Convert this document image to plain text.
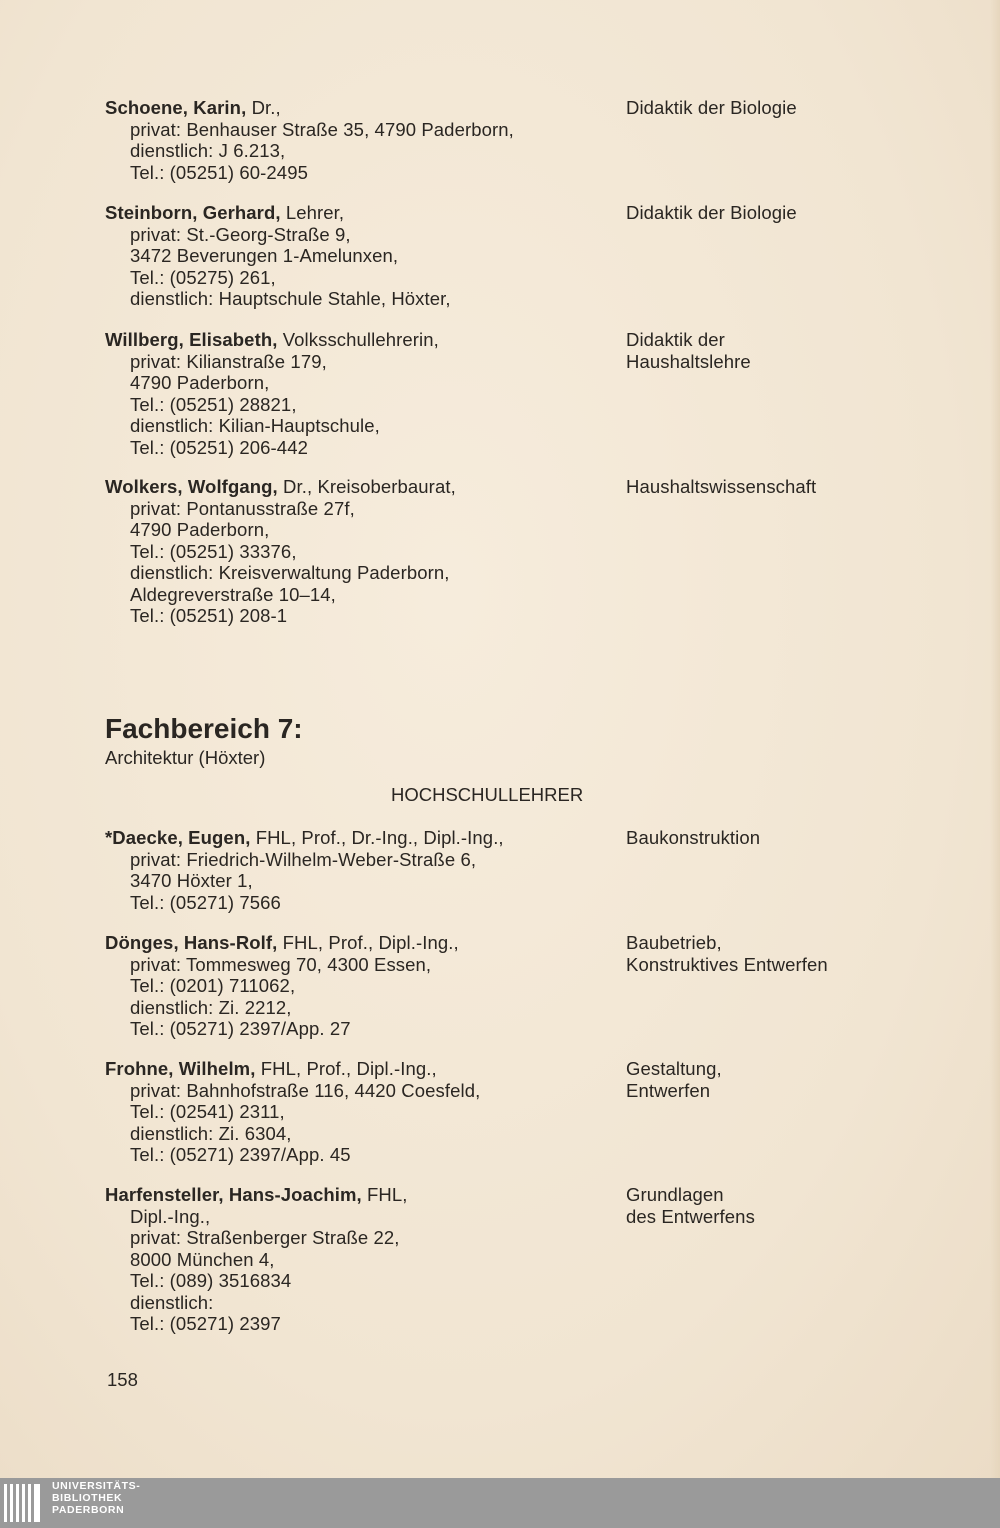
Schoene, Karin, Dr.,
privat: Benhauser Straße 35, 4790 Paderborn,
dienstlich: J 6.213,
Tel.: (05251) 60-2495
Didaktik der Biologie
Steinborn, Gerhard, Lehrer,
privat: St.-Georg-Straße 9,
3472 Beverungen 1-Amelunxen,
Tel.: (05275) 261,
dienstlich: Hauptschule Stahle, Höxter,
Didaktik der Biologie
Willberg, Elisabeth, Volksschullehrerin,
privat: Kilianstraße 179,
4790 Paderborn,
Tel.: (05251) 28821,
dienstlich: Kilian-Hauptschule,
Tel.: (05251) 206-442
Didaktik der
Haushaltslehre
Wolkers, Wolfgang, Dr., Kreisoberbaurat,
privat: Pontanusstraße 27f,
4790 Paderborn,
Tel.: (05251) 33376,
dienstlich: Kreisverwaltung Paderborn,
Aldegreverstraße 10–14,
Tel.: (05251) 208-1
Haushaltswissenschaft
Fachbereich 7:
Architektur (Höxter)
HOCHSCHULLEHRER
*Daecke, Eugen, FHL, Prof., Dr.-Ing., Dipl.-Ing.,
privat: Friedrich-Wilhelm-Weber-Straße 6,
3470 Höxter 1,
Tel.: (05271) 7566
Baukonstruktion
Dönges, Hans-Rolf, FHL, Prof., Dipl.-Ing.,
privat: Tommesweg 70, 4300 Essen,
Tel.: (0201) 711062,
dienstlich: Zi. 2212,
Tel.: (05271) 2397/App. 27
Baubetrieb,
Konstruktives Entwerfen
Frohne, Wilhelm, FHL, Prof., Dipl.-Ing.,
privat: Bahnhofstraße 116, 4420 Coesfeld,
Tel.: (02541) 2311,
dienstlich: Zi. 6304,
Tel.: (05271) 2397/App. 45
Gestaltung,
Entwerfen
Harfensteller, Hans-Joachim, FHL,
Dipl.-Ing.,
privat: Straßenberger Straße 22,
8000 München 4,
Tel.: (089) 3516834
dienstlich:
Tel.: (05271) 2397
Grundlagen
des Entwerfens
158
UNIVERSITÄTS-
BIBLIOTHEK
PADERBORN
